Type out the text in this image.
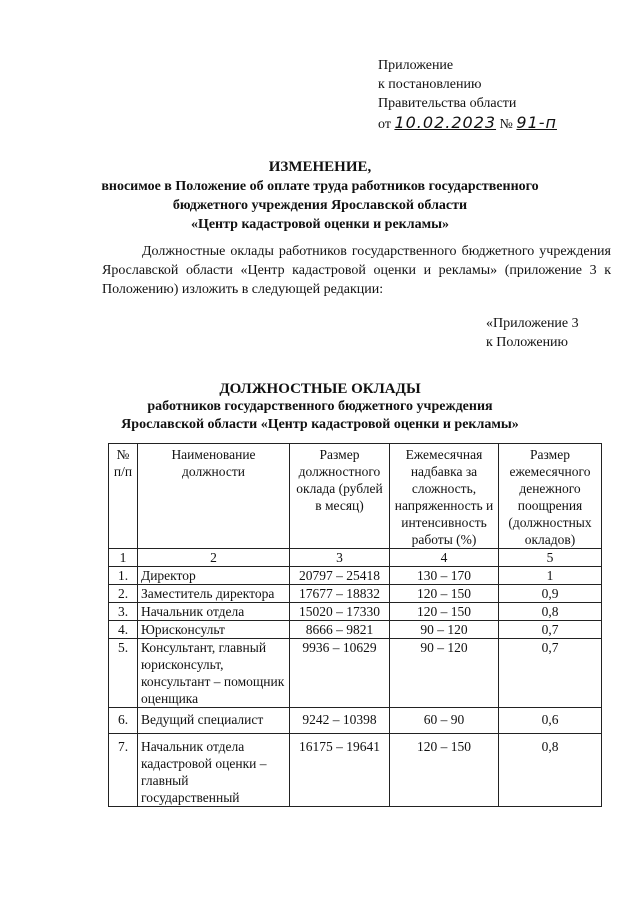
Приложение
к постановлению
Правительства области
от 10.02.2023 № 91-п
ИЗМЕНЕНИЕ,
вносимое в Положение об оплате труда работников государственного
бюджетного учреждения Ярославской области
«Центр кадастровой оценки и рекламы»
Должностные оклады работников государственного бюджетного учреждения Ярославской области «Центр кадастровой оценки и рекламы» (приложение 3 к Положению) изложить в следующей редакции:
«Приложение 3
к Положению
ДОЛЖНОСТНЫЕ ОКЛАДЫ
работников государственного бюджетного учреждения
Ярославской области «Центр кадастровой оценки и рекламы»
№ п/п	Наименование должности	Размер должностного оклада (рублей в месяц)	Ежемесячная надбавка за сложность, напряженность и интенсивность работы (%)	Размер ежемесячного денежного поощрения (должностных окладов)
1	2	3	4	5
1.	Директор	20797 – 25418	130 – 170	1
2.	Заместитель директора	17677 – 18832	120 – 150	0,9
3.	Начальник отдела	15020 – 17330	120 – 150	0,8
4.	Юрисконсульт	8666 – 9821	90 – 120	0,7
5.	Консультант, главный юрисконсульт, консультант – помощник оценщика	9936 – 10629	90 – 120	0,7
6.	Ведущий специалист	9242 – 10398	60 – 90	0,6
7.	Начальник отдела кадастровой оценки – главный государственный	16175 – 19641	120 – 150	0,8
